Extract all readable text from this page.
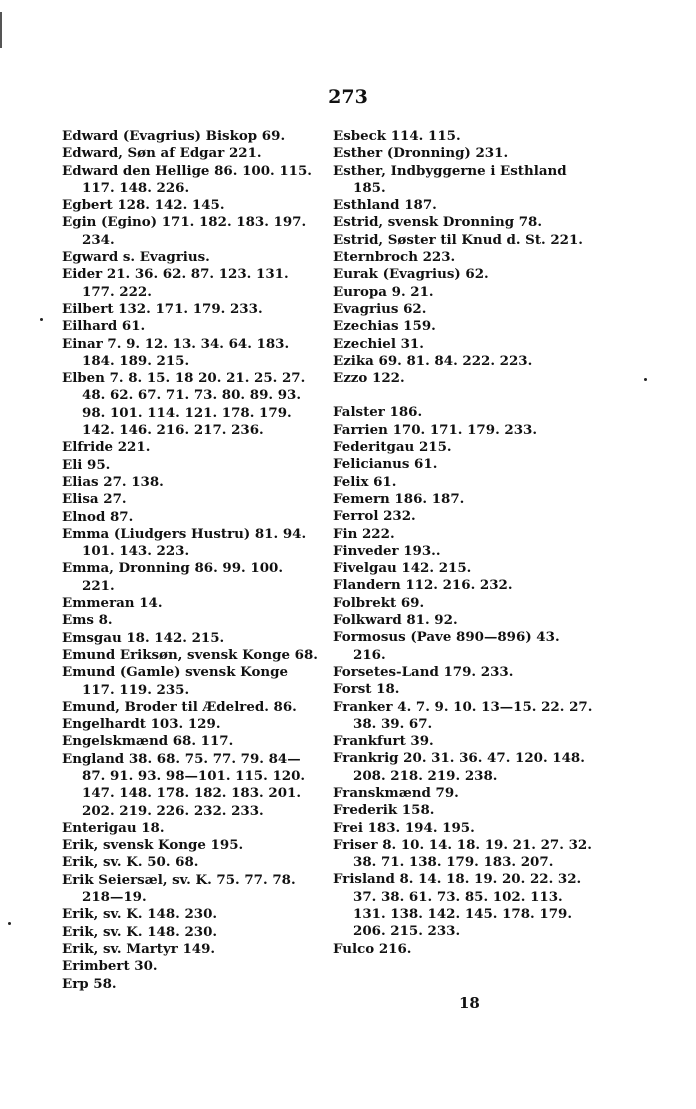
273
Edward (Evagrius) Biskop 69.
Edward, Søn af Edgar 221.
Edward den Hellige 86. 100. 115. 117. 148. 226.
Egbert 128. 142. 145.
Egin (Egino) 171. 182. 183. 197. 234.
Egward s. Evagrius.
Eider 21. 36. 62. 87. 123. 131. 177. 222.
Eilbert 132. 171. 179. 233.
Eilhard 61.
Einar 7. 9. 12. 13. 34. 64. 183. 184. 189. 215.
Elben 7. 8. 15. 18 20. 21. 25. 27. 48. 62. 67. 71. 73. 80. 89. 93. 98. 101. 114. 121. 178. 179. 142. 146. 216. 217. 236.
Elfride 221.
Eli 95.
Elias 27. 138.
Elisa 27.
Elnod 87.
Emma (Liudgers Hustru) 81. 94. 101. 143. 223.
Emma, Dronning 86. 99. 100. 221.
Emmeran 14.
Ems 8.
Emsgau 18. 142. 215.
Emund Eriksøn, svensk Konge 68.
Emund (Gamle) svensk Konge 117. 119. 235.
Emund, Broder til Ædelred. 86.
Engelhardt 103. 129.
Engelskmænd 68. 117.
England 38. 68. 75. 77. 79. 84—87. 91. 93. 98—101. 115. 120. 147. 148. 178. 182. 183. 201. 202. 219. 226. 232. 233.
Enterigau 18.
Erik, svensk Konge 195.
Erik, sv. K. 50. 68.
Erik Seiersæl, sv. K. 75. 77. 78. 218—19.
Erik, sv. K. 148. 230.
Erik, sv. K. 148. 230.
Erik, sv. Martyr 149.
Erimbert 30.
Erp 58.
Esbeck 114. 115.
Esther (Dronning) 231.
Esther, Indbyggerne i Esthland 185.
Esthland 187.
Estrid, svensk Dronning 78.
Estrid, Søster til Knud d. St. 221.
Eternbroch 223.
Eurak (Evagrius) 62.
Europa 9. 21.
Evagrius 62.
Ezechias 159.
Ezechiel 31.
Ezika 69. 81. 84. 222. 223.
Ezzo 122.
Falster 186.
Farrien 170. 171. 179. 233.
Federitgau 215.
Felicianus 61.
Felix 61.
Femern 186. 187.
Ferrol 232.
Fin 222.
Finveder 193..
Fivelgau 142. 215.
Flandern 112. 216. 232.
Folbrekt 69.
Folkward 81. 92.
Formosus (Pave 890—896) 43. 216.
Forsetes-Land 179. 233.
Forst 18.
Franker 4. 7. 9. 10. 13—15. 22. 27. 38. 39. 67.
Frankfurt 39.
Frankrig 20. 31. 36. 47. 120. 148. 208. 218. 219. 238.
Franskmænd 79.
Frederik 158.
Frei 183. 194. 195.
Friser 8. 10. 14. 18. 19. 21. 27. 32. 38. 71. 138. 179. 183. 207.
Frisland 8. 14. 18. 19. 20. 22. 32. 37. 38. 61. 73. 85. 102. 113. 131. 138. 142. 145. 178. 179. 206. 215. 233.
Fulco 216.
18
